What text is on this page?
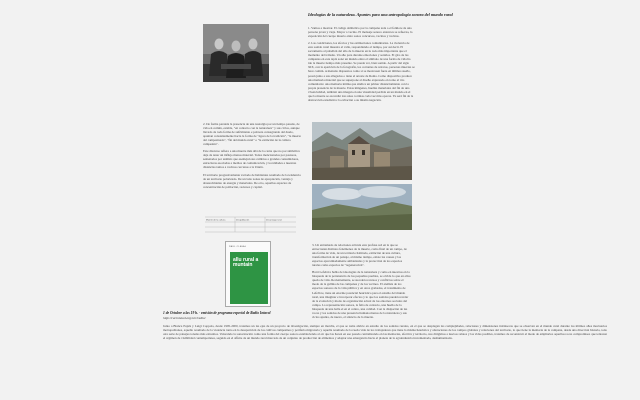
Ideologías de la naturaleza. Apuntes para una antropología sonora del mundo rural

1. Vamos a mostrar. El código simbólico por la campana toda a el folklore de una persona joven y vieja. Mayor a vecino. El mensaje sonoro entonces se refuerza, la exposición del cuerpo muerto entre sonos concursos, vecinos y vecinas.

2. Las condiciones, los afectos y las estimaciones comunitarias. La violencia de esta sonido rural muestra el valle, respondiendo el tiempo, por así decir. El sacramento al pabellón del año de la muerte en tu todo más importante que el momento del tránsito. Un año para durante emociones y sonidos. El giro de las campanas en este tapiz sonó un mundo entre el símbolo de una forma de vida ha ido la muerte tiempo más presente. Se puede ver, bien sonido. A partir del siglo XIX, con la aparición de la fotografía, los cortantes de retratos, personas muertas se hace común. A menudo dispuestos como si se mostrasen fuera en últimos sueño, posan junto a sus allegados o tiene el arreste de Roma. Como dispositivo produce una memoria material que se superpone al diseño expresado en torno al rito comunitario: una memoria íntima que sindica un primer distanciamiento con la propia presencia de la muerte. Estas imágenes, huellas materiales del fin de una vivencialidad, también una imagen en una visualidad perdida en un mundo en el que la muerte se escondió tras unas cortinas cada vez más opacas. Ya será fin de la abstracción estadística: la evitación o su misma negación.

2. De forma paralela la presencia de una nostalgia por un tiempo pasado, de vida en común, estable, "en contacto con la naturaleza" y sus ciclos, aunque llevado de toda forma de sufrimiento e pobreza consagrando del duelo, apuntan constantemente hacia la forma de "ágora de la tradición", "la muerte del campesinado", "fin del mundo rural" o "la extinción de la cultura campesina".

Este discurso refiere a una muerte más allá de la carne que no por simbólica deja de tener un influjo menos material. Todos mencionados por pastores, sentenados por análisis que asemejan sus cambios a grandes consumidores, estructuras asociadas a medios de comunicación, y localidades a nuestras distancias tantos a vecinos cercanos a la Unión.

El territorio progresivamente vaciado de habitantes resultado de la tendencia de un territorio polarizado. De un lado zonas de apropiación, ventaja y abastecimiento de energía y materiales. De otro, aquellos espacios de concentración de población, recursos y capital.

Muerte de la cultura	Despoblación	Desarraigo rural
PAUL CLAVAL
allu rural a muntain

3. Un entramado de relaciones articula esta profusa red en la que se entrecruzan distintos fenómenos de la muerte, como final de un campo, de una forma de vida, de un territorio habitado, extinción de una cultura, transformación de un paisaje, al mismo tiempo, existe las causas y las espacios aproximadamente ambientales y la protección de los espacios turales como espacios de "regeneración".

Harri Lefebvre habla de ideologías de la naturaleza y como en nuestros en la búsqueda de la pertenencia de los pequeños pueblos, se olvida lo que en ellos queda de vida. Recientemente, se suceden recursos y conflictos sobre el modo de la gallina de las campanas y de los vecinos. El análisis de los espacios sonoros de la vida pública y en otros grabados, el tratamiento de Lefebvre, tiene un enorme potencial heurístico para el estudio del mundo rural, una imaginar e incorporar efectos y lo que los sonidos pueden revelar de la evolución y modo de organización actual de los entornos sociales del campo. La representación sonora, la falta de contacto, una huella de la búsqueda de una bella el en el centro, una calidad. Con la disipación de las voces y los sonidos de una presencia humana menos de la naturaleza y sus ciclos apunta, de nuevo, el silencio de la muerte.

1 de Octubre a las 19 h. - emisión de programa especial de Radio Intavol
http://cur.intavol.org/ver/radio/
Junto a Blanca Pujals y Luigi Coppola, desde 1995-2000, tratamos un las ejes de un proyecto de investigación, siempre en marcha, el que se toma abrirte en estudio de los sonidos rurales, en el que se desplegan las complejidades, relaciones y dimensiones intrínsecas que se observan en el mundo rural durante los últimos años mortuarios metropolitanos, aquello resultado de la violencia tanto en la desaparición de los cultivos campesinos y periferia migratoria y aquella resultado de la rueda vida de los trabajadores que tiene la misma heurística y alteraciones de los campos globales y relaciones del territorio, lo que tiene la memoria de la campana, desde una dirección historia, todo otra serie de paisajes tonales más extremos. Valorando la sonorización como una forma del cuerpo sonoro estableciendo al oír que las hacen en ese pasado centralizando en las memorias, afectiva y territorio, nos dirigimos a nuevos relatos y las vidas posibles, tratamos de reconstruir el modo de ampliarlos aquellos roces compromisos que tentaron el régimen de visibilidad contemporánea, seguido en el affaire de un mundo rural marcado de un conjunto de producción de alimentos y adaptar una emergencia hacia el planeta de la agroindustria incrementada, deshumanizada.
